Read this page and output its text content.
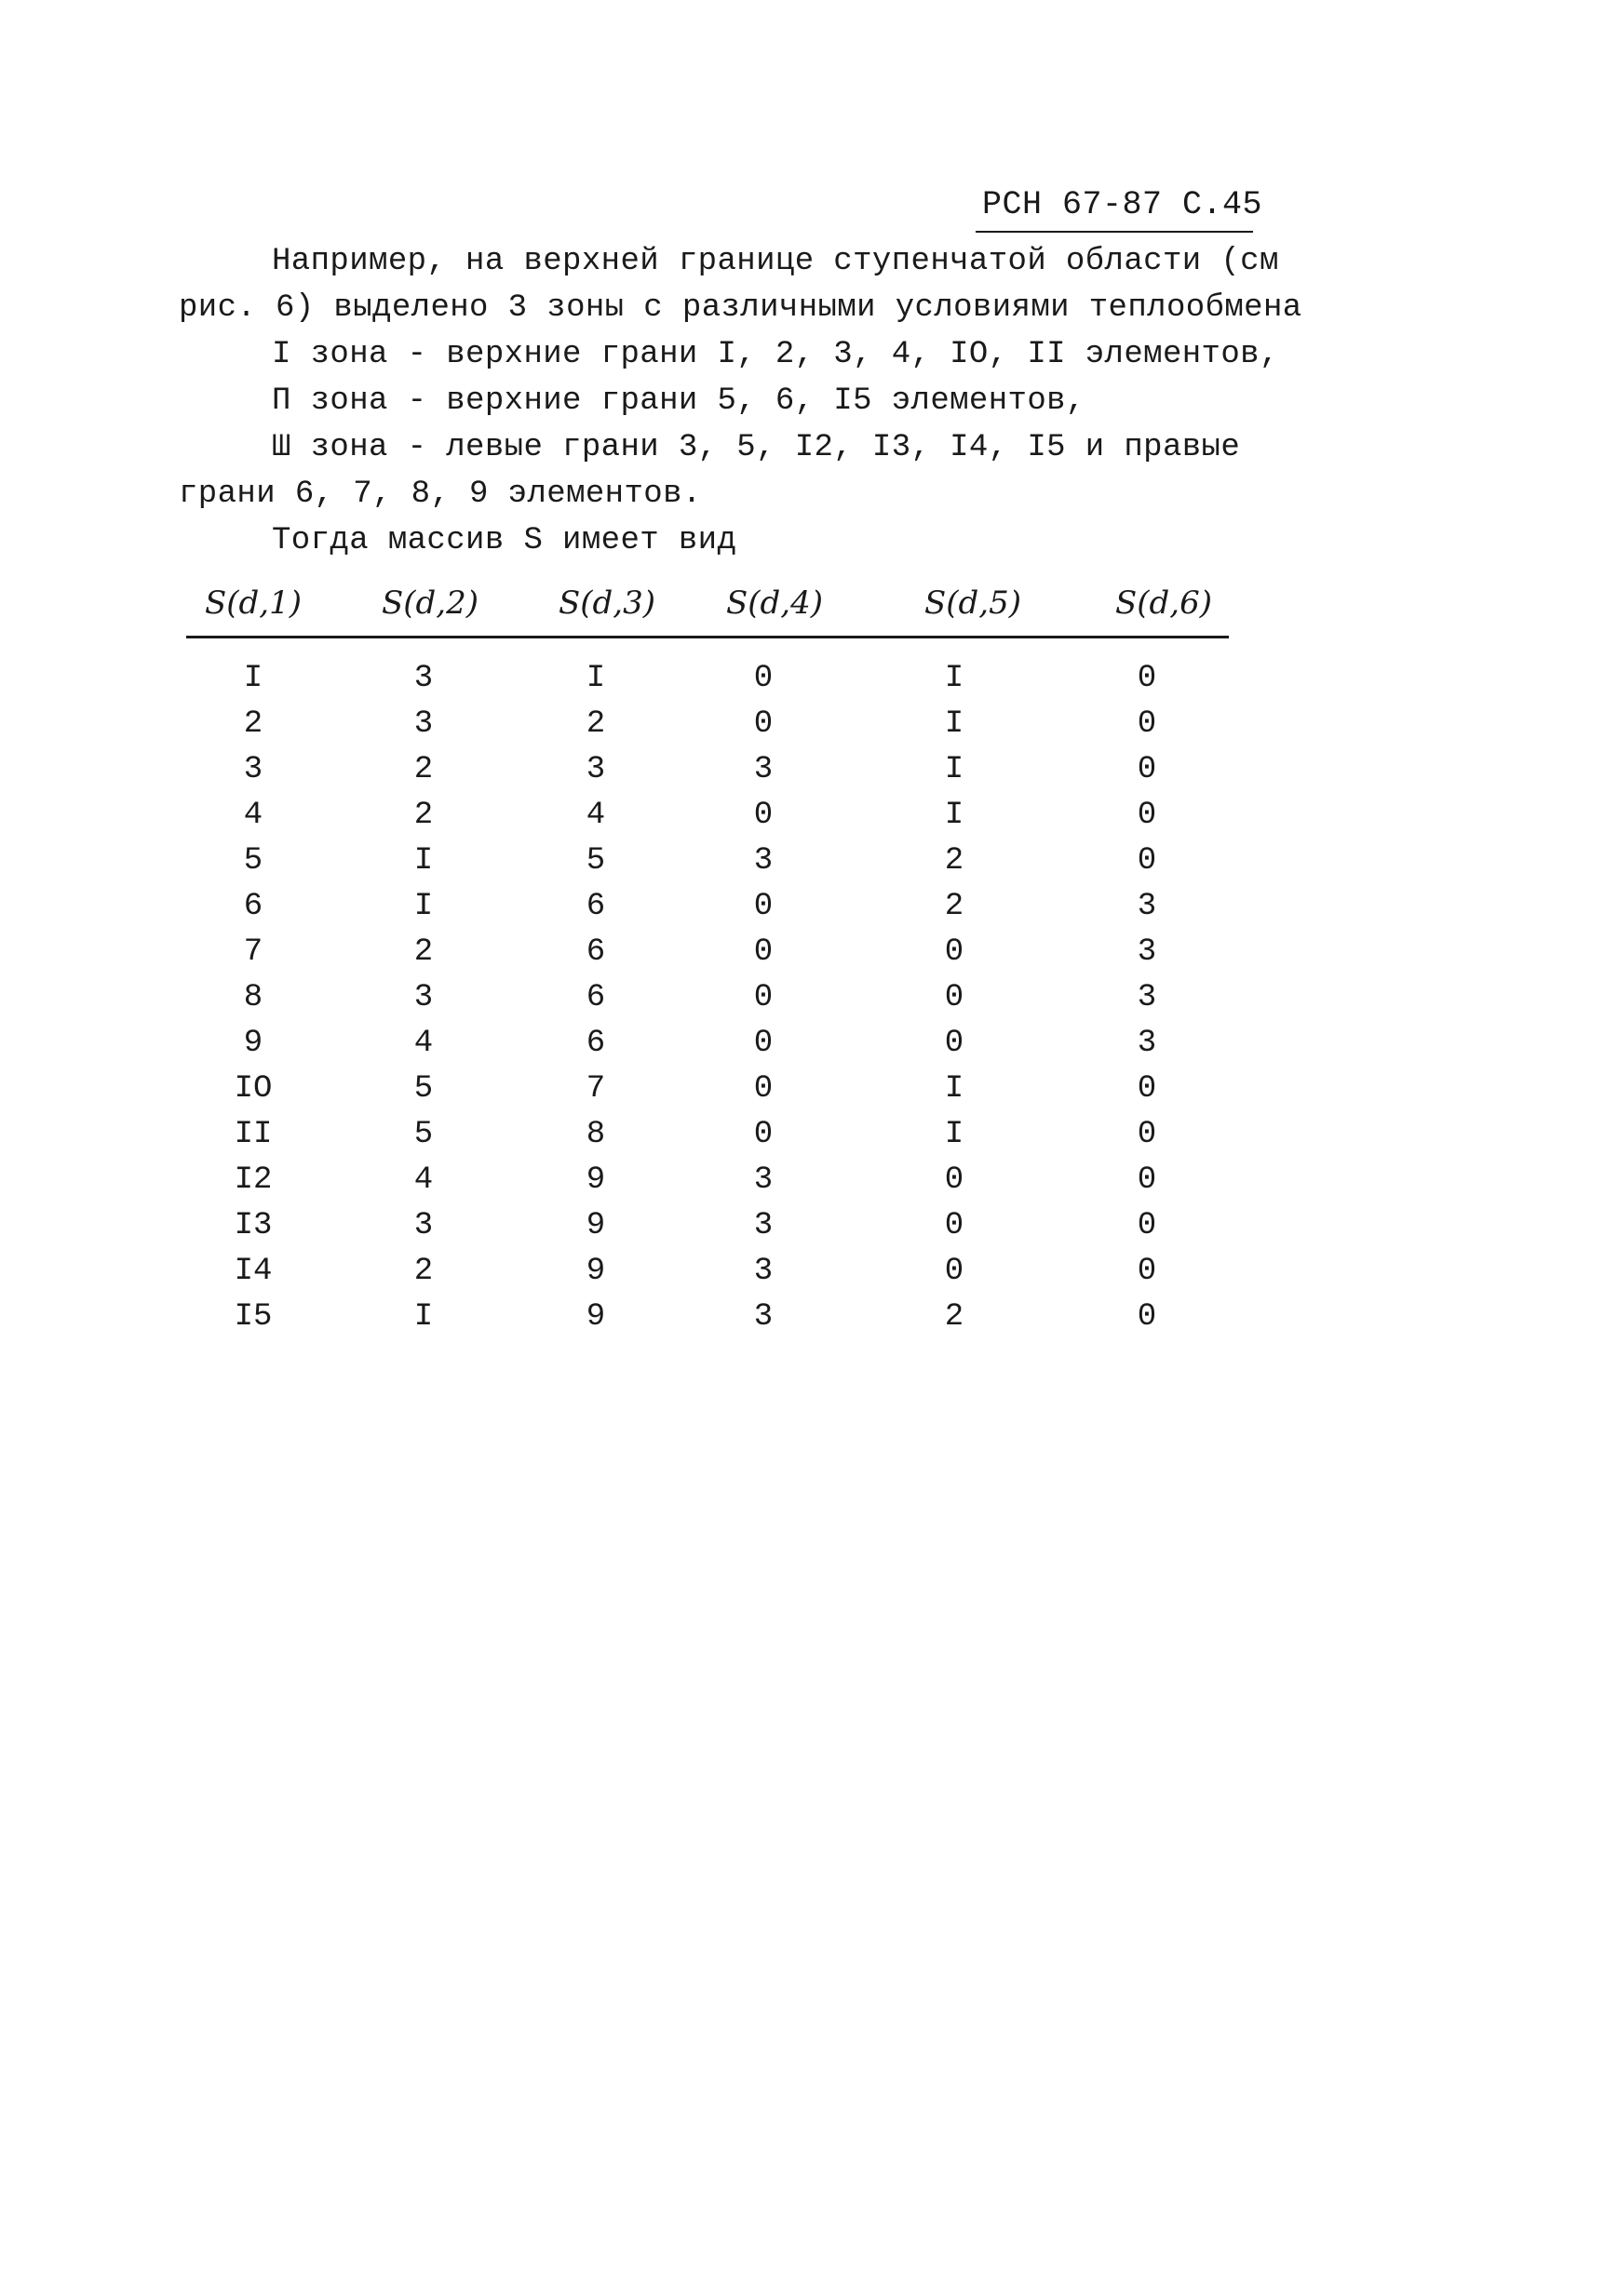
РСН 67-87 С.45
Например, на верхней границе ступенчатой области (см
рис. 6) выделено 3 зоны с различными условиями теплообмена
I зона - верхние грани I, 2, 3, 4, IO, II элементов,
П зона - верхние грани 5, 6, I5 элементов,
Ш зона - левые грани 3, 5, I2, I3, I4, I5 и правые
грани 6, 7, 8, 9 элементов.
Тогда массив S имеет вид
S(d,1)	S(d,2)	S(d,3) S(d,4)	S(d,5)	S(d,6)
I	3	I	0	I	0
2	3	2	0	I	0
3	2	3	3	I	0
4	2	4	0	I	0
5	I	5	3	2	0
6	I	6	0	2	3
7	2	6	0	0	3
8	3	6	0	0	3
9	4	6	0	0	3
IO	5	7	0	I	0
II	5	8	0	I	0
I2	4	9	3	0	0
I3	3	9	3	0	0
I4	2	9	3	0	0
I5	I	9	3	2	0
